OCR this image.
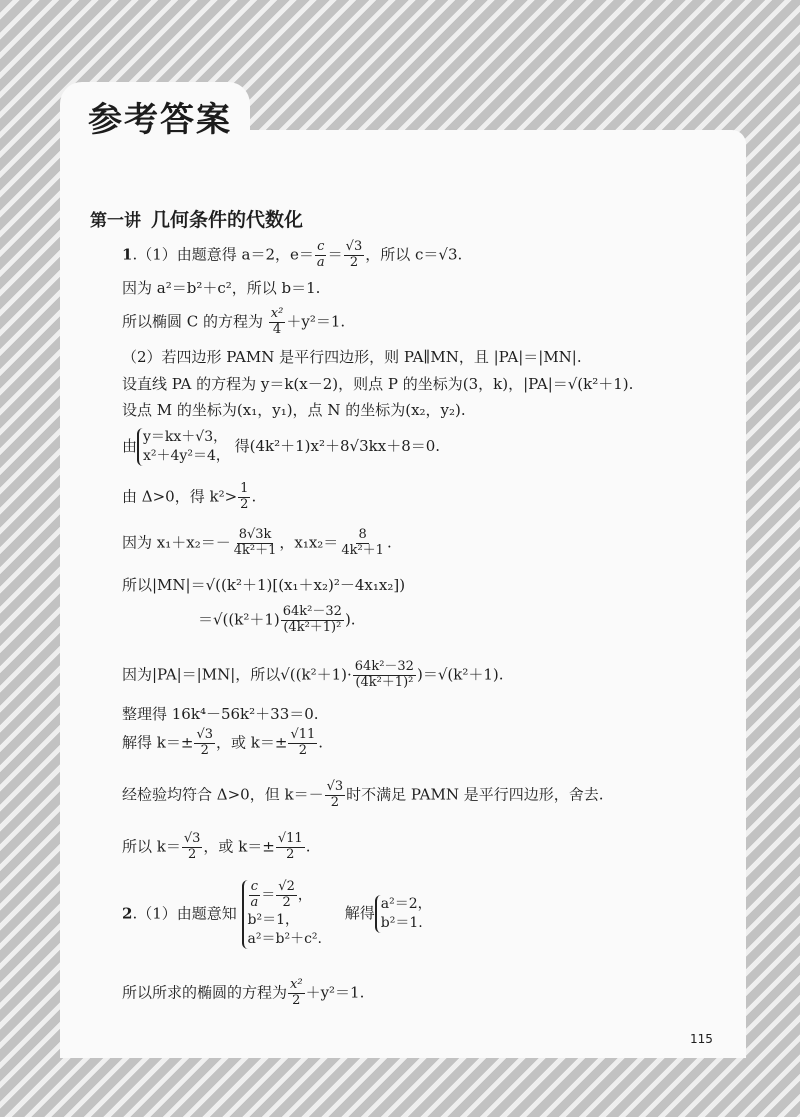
参考答案
第一讲 几何条件的代数化
1.（1）由题意得 a＝2，$e= \frac{c}{a} = \frac{√3}{2}$ ，所以 c＝√3.
因为 a²＝b²＋c²，所以 b＝1.
所以椭圆 C 的方程为 $\frac{\text{x²}}{4} +y^2=1$.
（2）若四边形 PAMN 是平行四边形，则 PA∥MN，且 |PA|＝|MN|.
设直线 PA 的方程为 y＝k(x－2)，则点 P 的坐标为(3，k)，|PA|＝√(k²＋1).
设点 M 的坐标为(x₁，y₁)，点 N 的坐标为(x₂，y₂).
由 y＝kx＋√3，
x²＋4y²＝4，
得(4k²＋1)x²＋8√3kx＋8＝0.
由 Δ>0，得 $k^2> \frac{1}{2}$ .
因为 $x_1+x_2=- \frac{8√3k}{\text{4k²＋1}}$ ，$x_1x_2= \frac{8}{\text{4k²＋1}}$ .
所以|MN|＝√((k²＋1)[(x₁＋x₂)²－4x₁x₂])
$=√((k^2+1) \frac{\text{64k²－32}}{\text{(4k²＋1)²}}$ ).
因为|PA|＝|MN|，所以$√((k^2+1)\cdot \frac{\text{64k²－32}}{\text{(4k²＋1)²}} )=√(k^2+1)$.
整理得 16k⁴－56k²＋33＝0.
解得 $k=\pm \frac{√3}{2}$ ，或 $k=\pm \frac{√11}{2}$ .
经检验均符合 Δ>0，但 $k=- \frac{√3}{2}$ 时不满足 PAMN 是平行四边形，舍去.
所以 $k= \frac{√3}{2}$ ，或 $k=\pm \frac{√11}{2}$ .
2.（1）由题意知
$\frac{c}{a} = \frac{√2}{2}$ ，
b²＝1，
a²＝b²＋c².
解得 a²＝2，
b²＝1.
所以所求的椭圆的方程为 $\frac{\text{x²}}{2} +y^2=1$.
115
